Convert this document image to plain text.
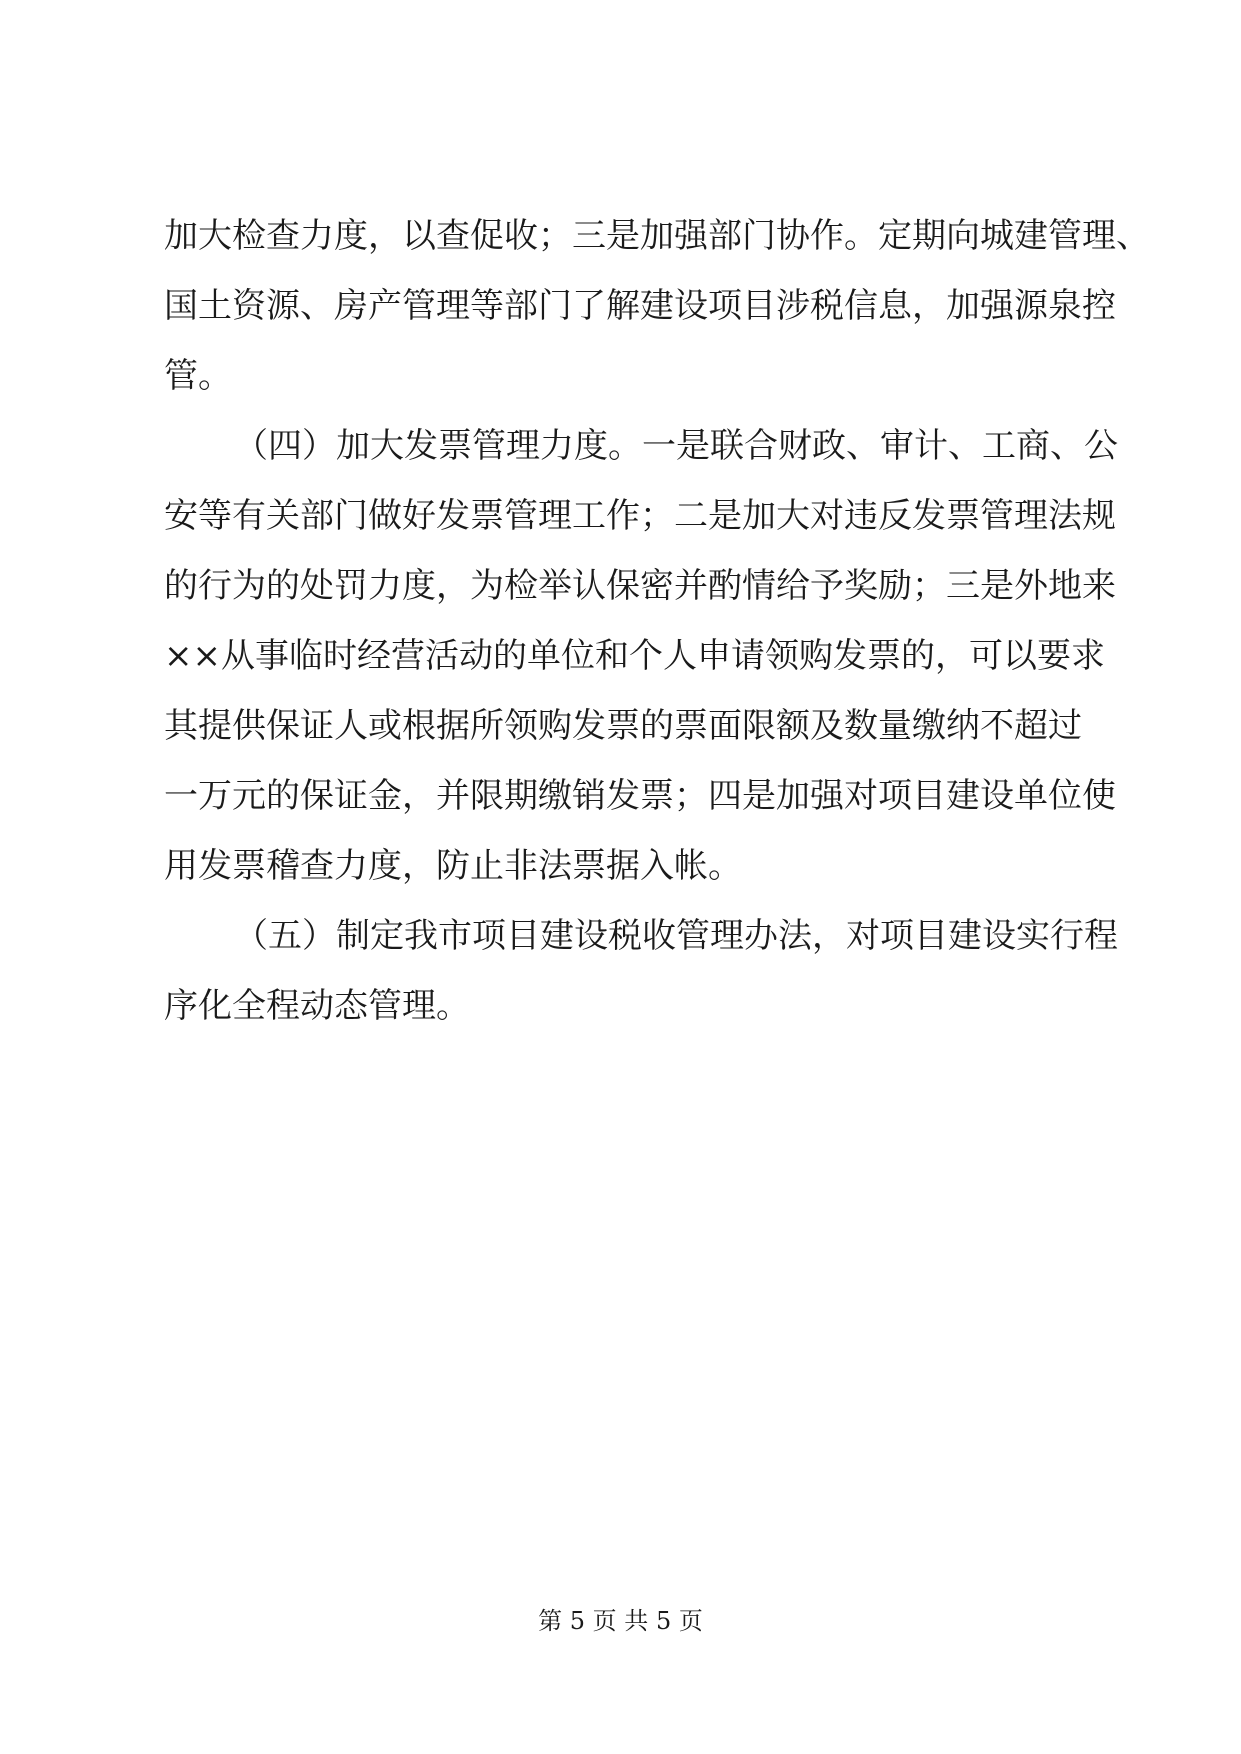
加大检查力度，以查促收；三是加强部门协作。定期向城建管理、
国土资源、房产管理等部门了解建设项目涉税信息，加强源泉控
管。
（四）加大发票管理力度。一是联合财政、审计、工商、公
安等有关部门做好发票管理工作；二是加大对违反发票管理法规
的行为的处罚力度，为检举认保密并酌情给予奖励；三是外地来
××从事临时经营活动的单位和个人申请领购发票的，可以要求
其提供保证人或根据所领购发票的票面限额及数量缴纳不超过
一万元的保证金，并限期缴销发票；四是加强对项目建设单位使
用发票稽查力度，防止非法票据入帐。
（五）制定我市项目建设税收管理办法，对项目建设实行程
序化全程动态管理。
第 5 页 共 5 页
